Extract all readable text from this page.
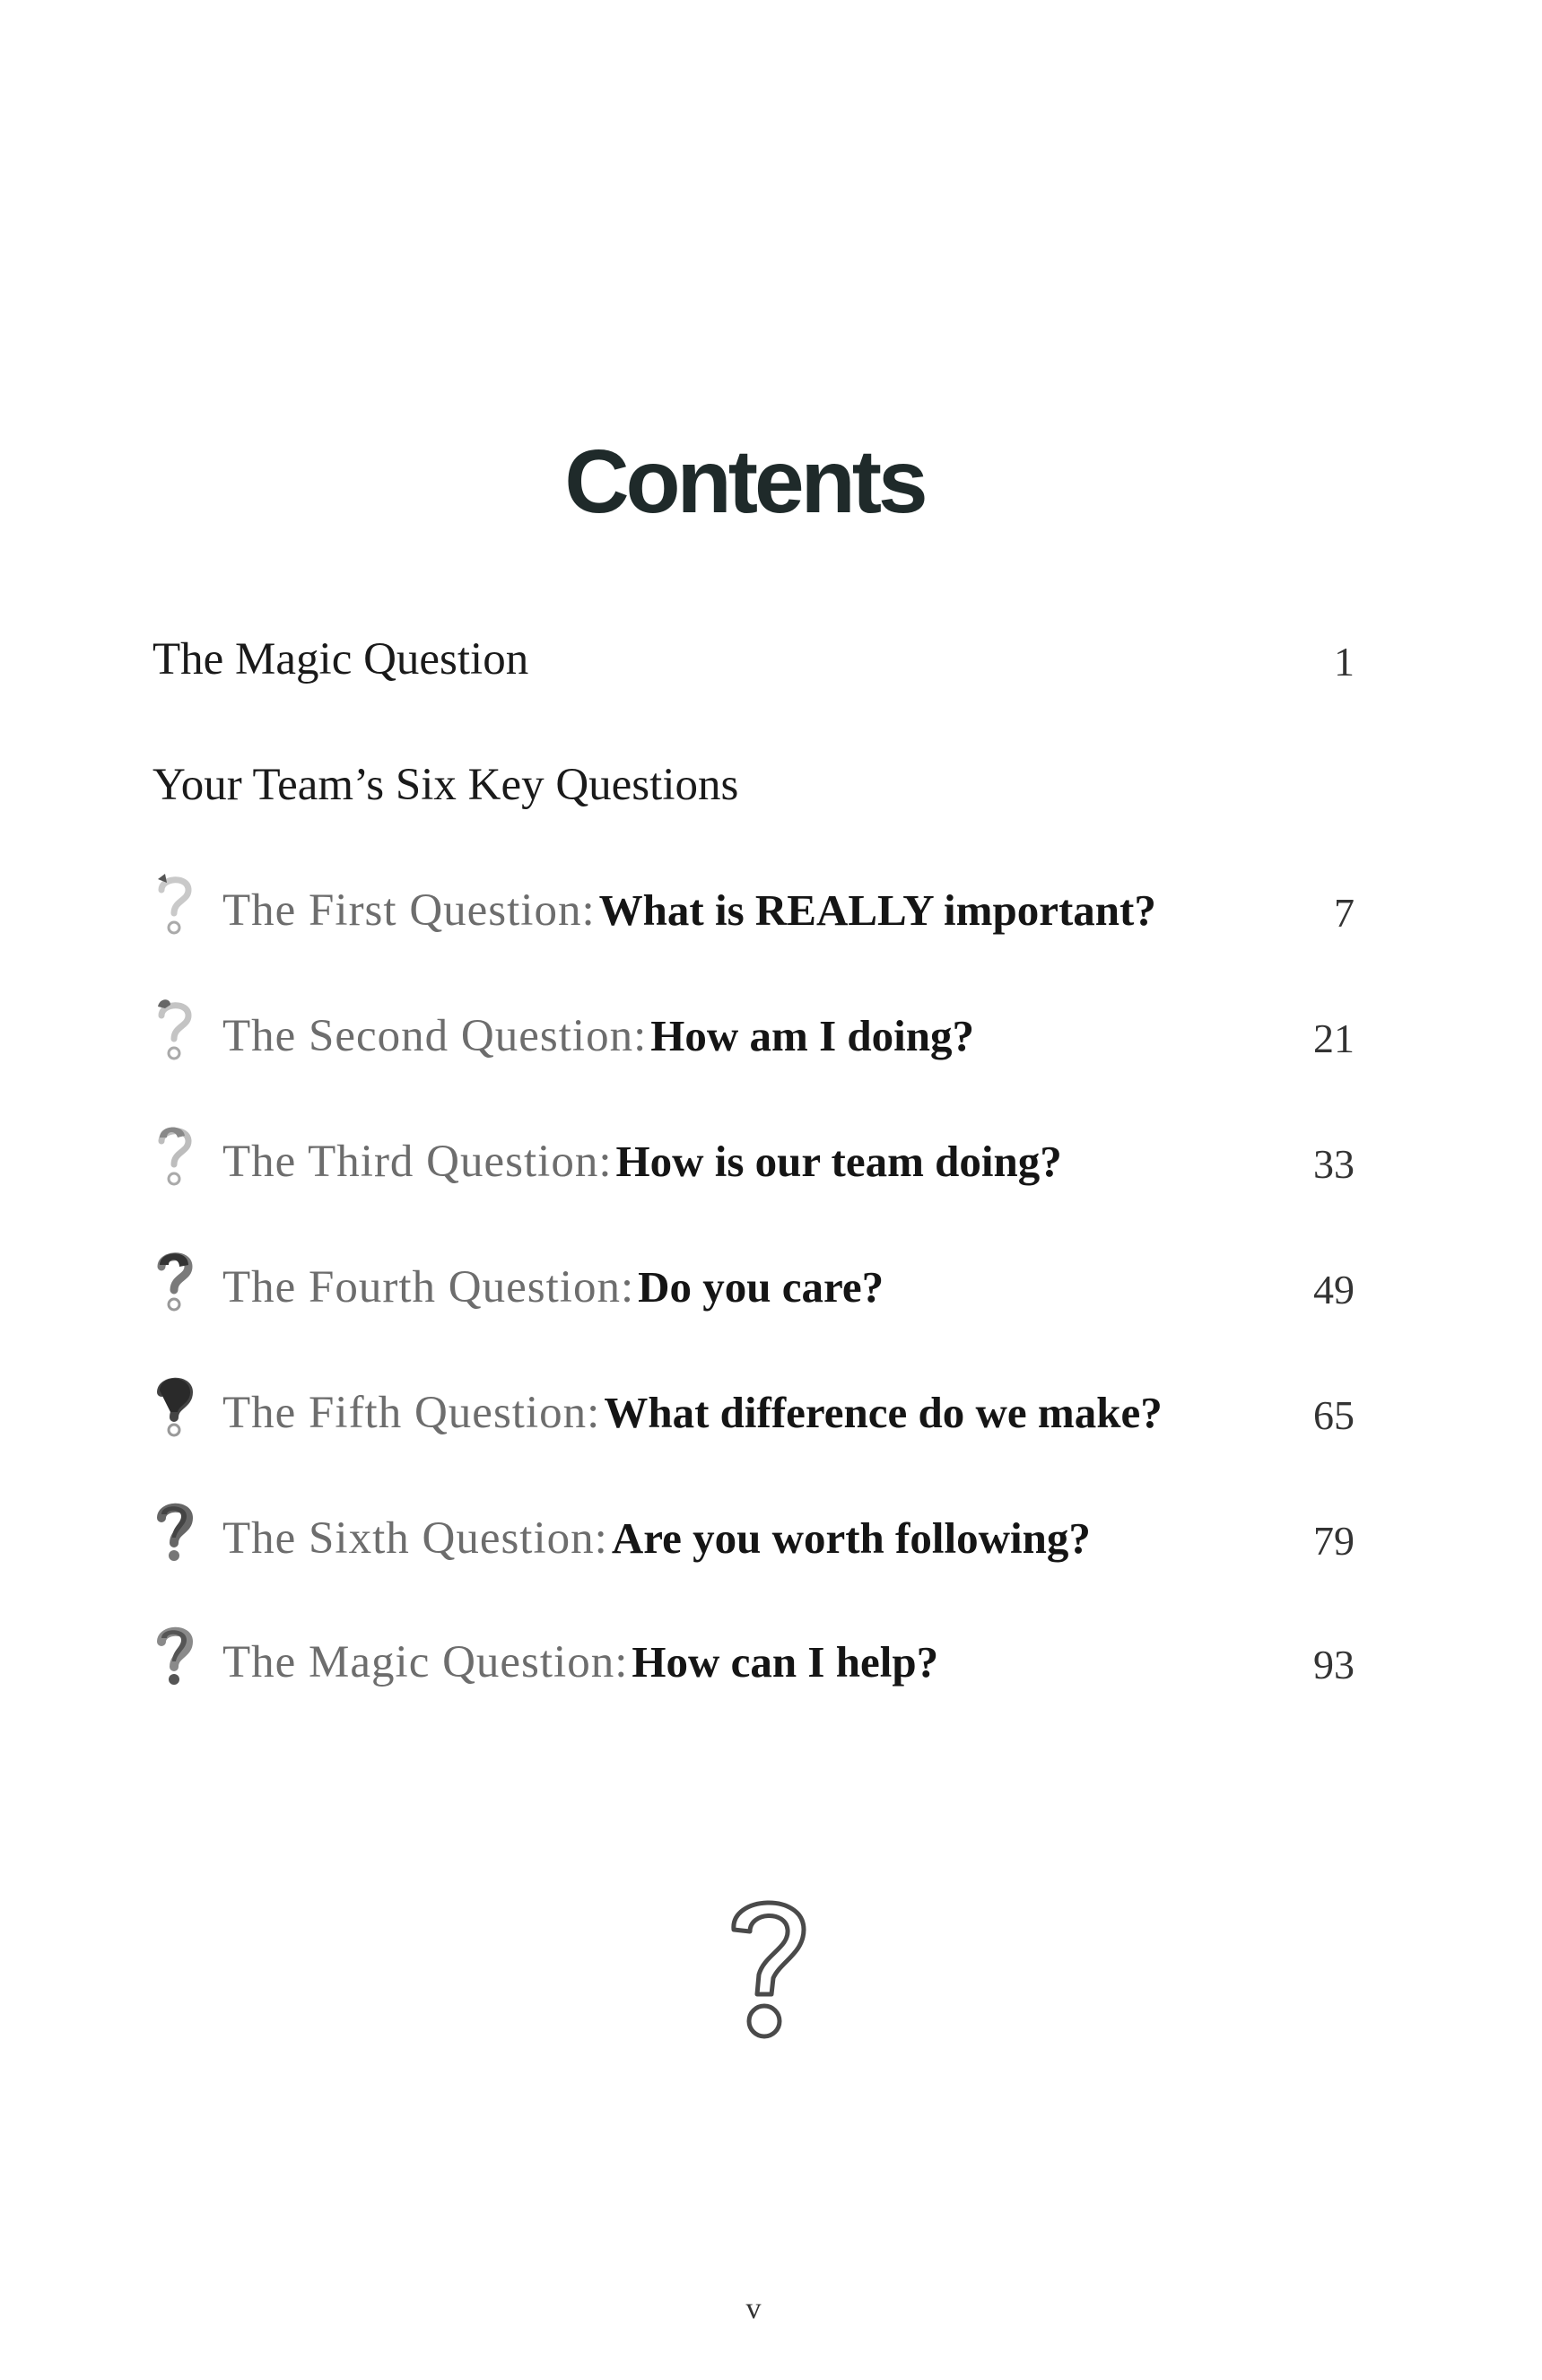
Contents
The Magic Question	1
Your Team’s Six Key Questions
The First Question: What is REALLY important?	7
The Second Question: How am I doing?	21
The Third Question: How is our team doing?	33
The Fourth Question: Do you care?	49
The Fifth Question: What difference do we make?	65
The Sixth Question: Are you worth following?	79
The Magic Question: How can I help?	93
v
